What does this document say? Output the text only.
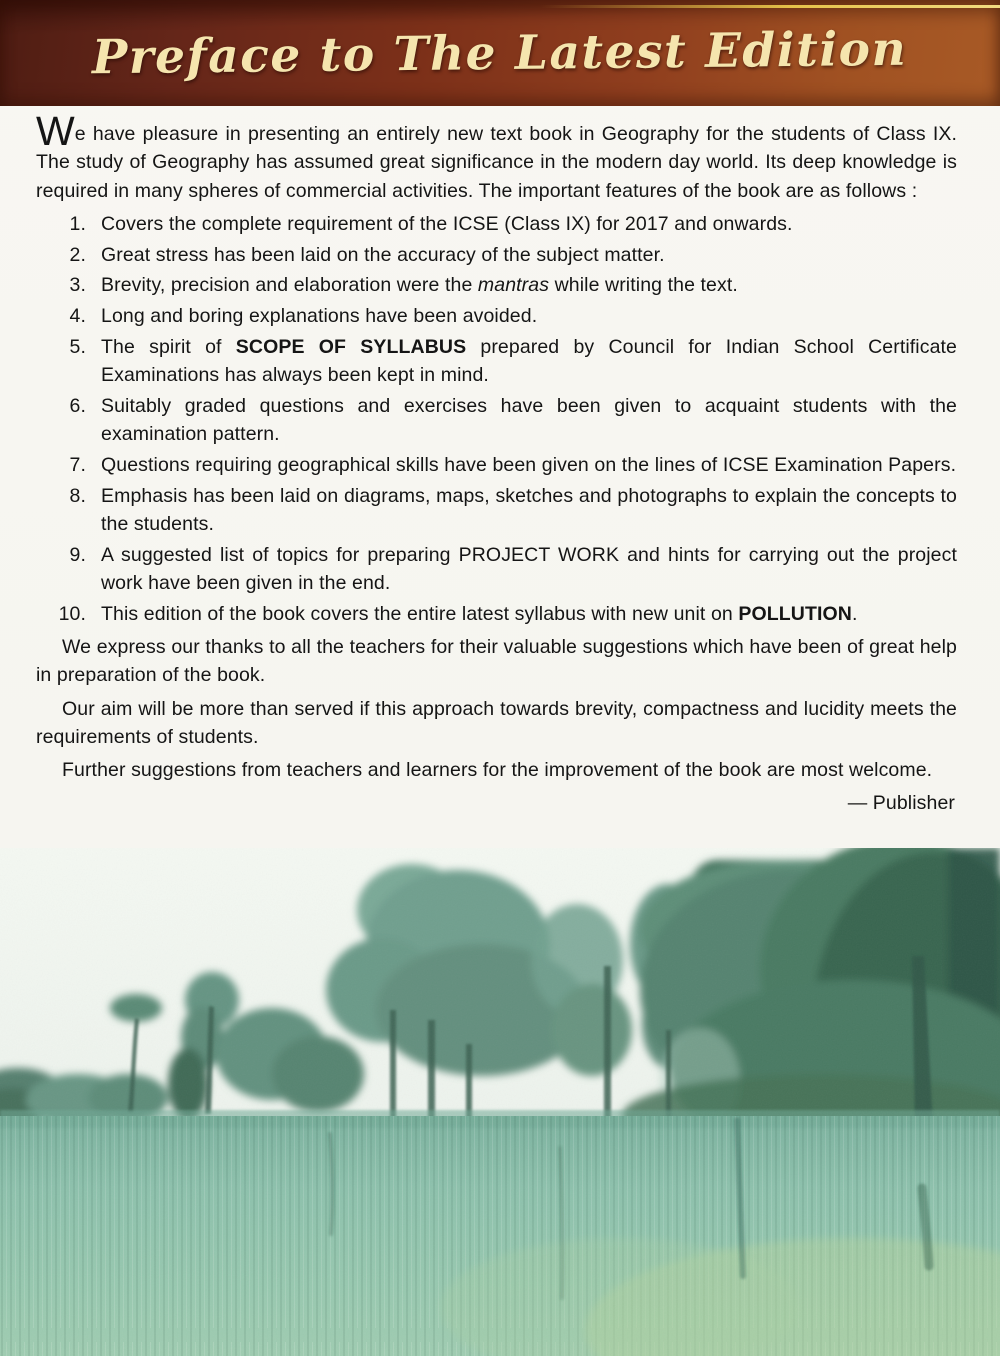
Preface to The Latest Edition

We have pleasure in presenting an entirely new text book in Geography for the students of Class IX. The study of Geography has assumed great significance in the modern day world. Its deep knowledge is required in many spheres of commercial activities. The important features of the book are as follows :

1. Covers the complete requirement of the ICSE (Class IX) for 2017 and onwards.

2. Great stress has been laid on the accuracy of the subject matter.

3. Brevity, precision and elaboration were the mantras while writing the text.

4. Long and boring explanations have been avoided.

5. The spirit of SCOPE OF SYLLABUS prepared by Council for Indian School Certificate Examinations has always been kept in mind.

6. Suitably graded questions and exercises have been given to acquaint students with the examination pattern.

7. Questions requiring geographical skills have been given on the lines of ICSE Examination Papers.

8. Emphasis has been laid on diagrams, maps, sketches and photographs to explain the concepts to the students.

9. A suggested list of topics for preparing PROJECT WORK and hints for carrying out the project work have been given in the end.

10. This edition of the book covers the entire latest syllabus with new unit on POLLUTION.

We express our thanks to all the teachers for their valuable suggestions which have been of great help in preparation of the book.

Our aim will be more than served if this approach towards brevity, compactness and lucidity meets the requirements of students.

Further suggestions from teachers and learners for the improvement of the book are most welcome.

— Publisher
